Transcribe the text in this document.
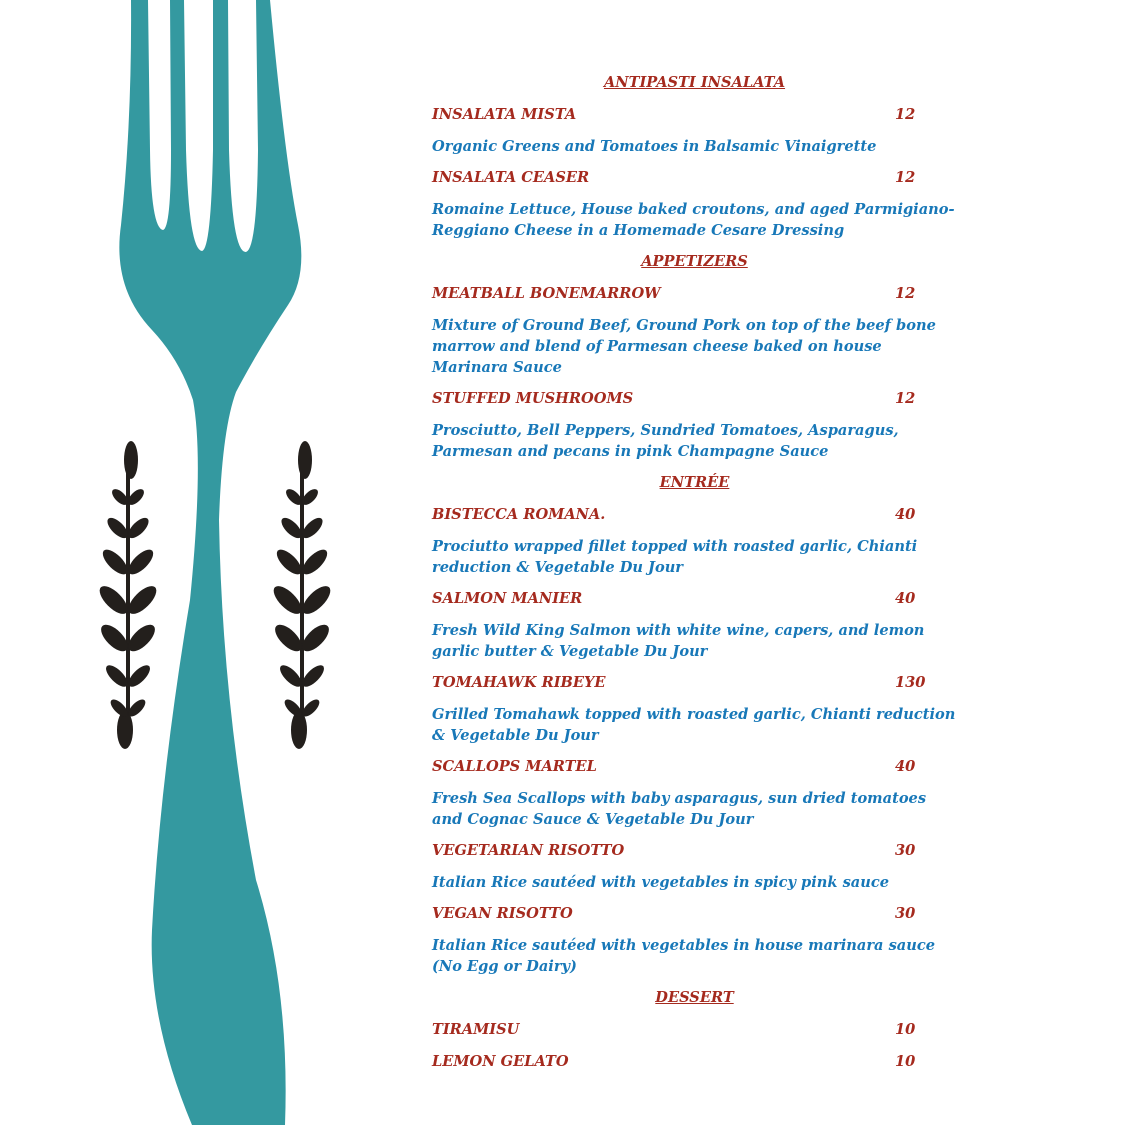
ANTIPASTI INSALATA

INSALATA MISTA	12

Organic Greens and Tomatoes in Balsamic Vinaigrette

INSALATA CEASER	12

Romaine Lettuce, House baked croutons, and aged Parmigiano-Reggiano Cheese in a Homemade Cesare Dressing

APPETIZERS

MEATBALL BONEMARROW	12

Mixture of Ground Beef, Ground Pork on top of the beef bone marrow and blend of Parmesan cheese baked on house Marinara Sauce

STUFFED MUSHROOMS	12

Prosciutto, Bell Peppers, Sundried Tomatoes, Asparagus, Parmesan and pecans in pink Champagne Sauce

ENTRÉE

BISTECCA ROMANA.	40

Prociutto wrapped fillet topped with roasted garlic, Chianti reduction & Vegetable Du Jour

SALMON MANIER	40

Fresh Wild King Salmon with white wine, capers, and lemon garlic butter & Vegetable Du Jour

TOMAHAWK RIBEYE	130

Grilled Tomahawk topped with roasted garlic, Chianti reduction & Vegetable Du Jour

SCALLOPS MARTEL	40

Fresh Sea Scallops with baby asparagus, sun dried tomatoes and Cognac Sauce & Vegetable Du Jour

VEGETARIAN RISOTTO	30

Italian Rice sautéed with vegetables in spicy pink sauce

VEGAN RISOTTO	30

Italian Rice sautéed with vegetables in house marinara sauce (No Egg or Dairy)

DESSERT

TIRAMISU	10
LEMON GELATO	10
